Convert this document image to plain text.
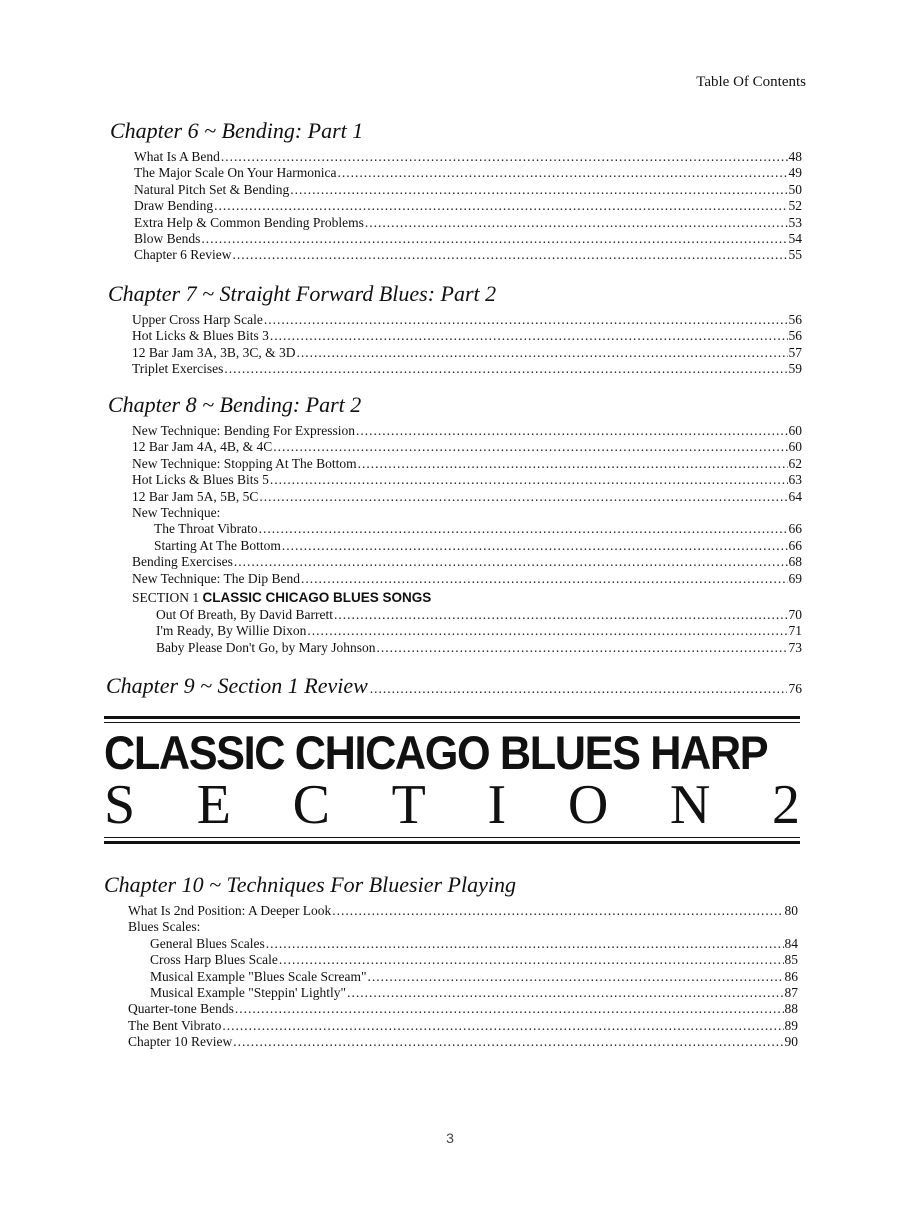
Table Of Contents
Chapter 6 ~ Bending: Part 1
What Is A Bend .....	48
The Major Scale On Your Harmonica .....	49
Natural Pitch Set & Bending .....	50
Draw Bending .....	52
Extra Help & Common Bending Problems .....	53
Blow Bends .....	54
Chapter 6 Review .....	55
Chapter 7 ~ Straight Forward Blues: Part 2
Upper Cross Harp Scale .....	56
Hot Licks & Blues Bits 3 .....	56
12 Bar Jam 3A, 3B, 3C, & 3D .....	57
Triplet Exercises .....	59
Chapter 8 ~ Bending: Part 2
New Technique: Bending For Expression .....	60
12 Bar Jam 4A, 4B, & 4C .....	60
New Technique: Stopping At The Bottom .....	62
Hot Licks & Blues Bits 5 .....	63
12 Bar Jam 5A, 5B, 5C .....	64
New Technique:
The Throat Vibrato .....	66
Starting At The Bottom .....	66
Bending Exercises .....	68
New Technique: The Dip Bend .....	69
SECTION 1 CLASSIC CHICAGO BLUES SONGS
Out Of Breath, By David Barrett .....	70
I'm Ready, By Willie Dixon .....	71
Baby Please Don't Go, by Mary Johnson .....	73
Chapter 9 ~ Section 1 Review .....	76
CLASSIC CHICAGO BLUES HARP
S E C T I O N 2
Chapter 10 ~ Techniques For Bluesier Playing
What Is 2nd Position: A Deeper Look .....	80
Blues Scales:
General Blues Scales .....	84
Cross Harp Blues Scale .....	85
Musical Example "Blues Scale Scream" .....	86
Musical Example "Steppin' Lightly" .....	87
Quarter-tone Bends .....	88
The Bent Vibrato .....	89
Chapter 10 Review .....	90
3
